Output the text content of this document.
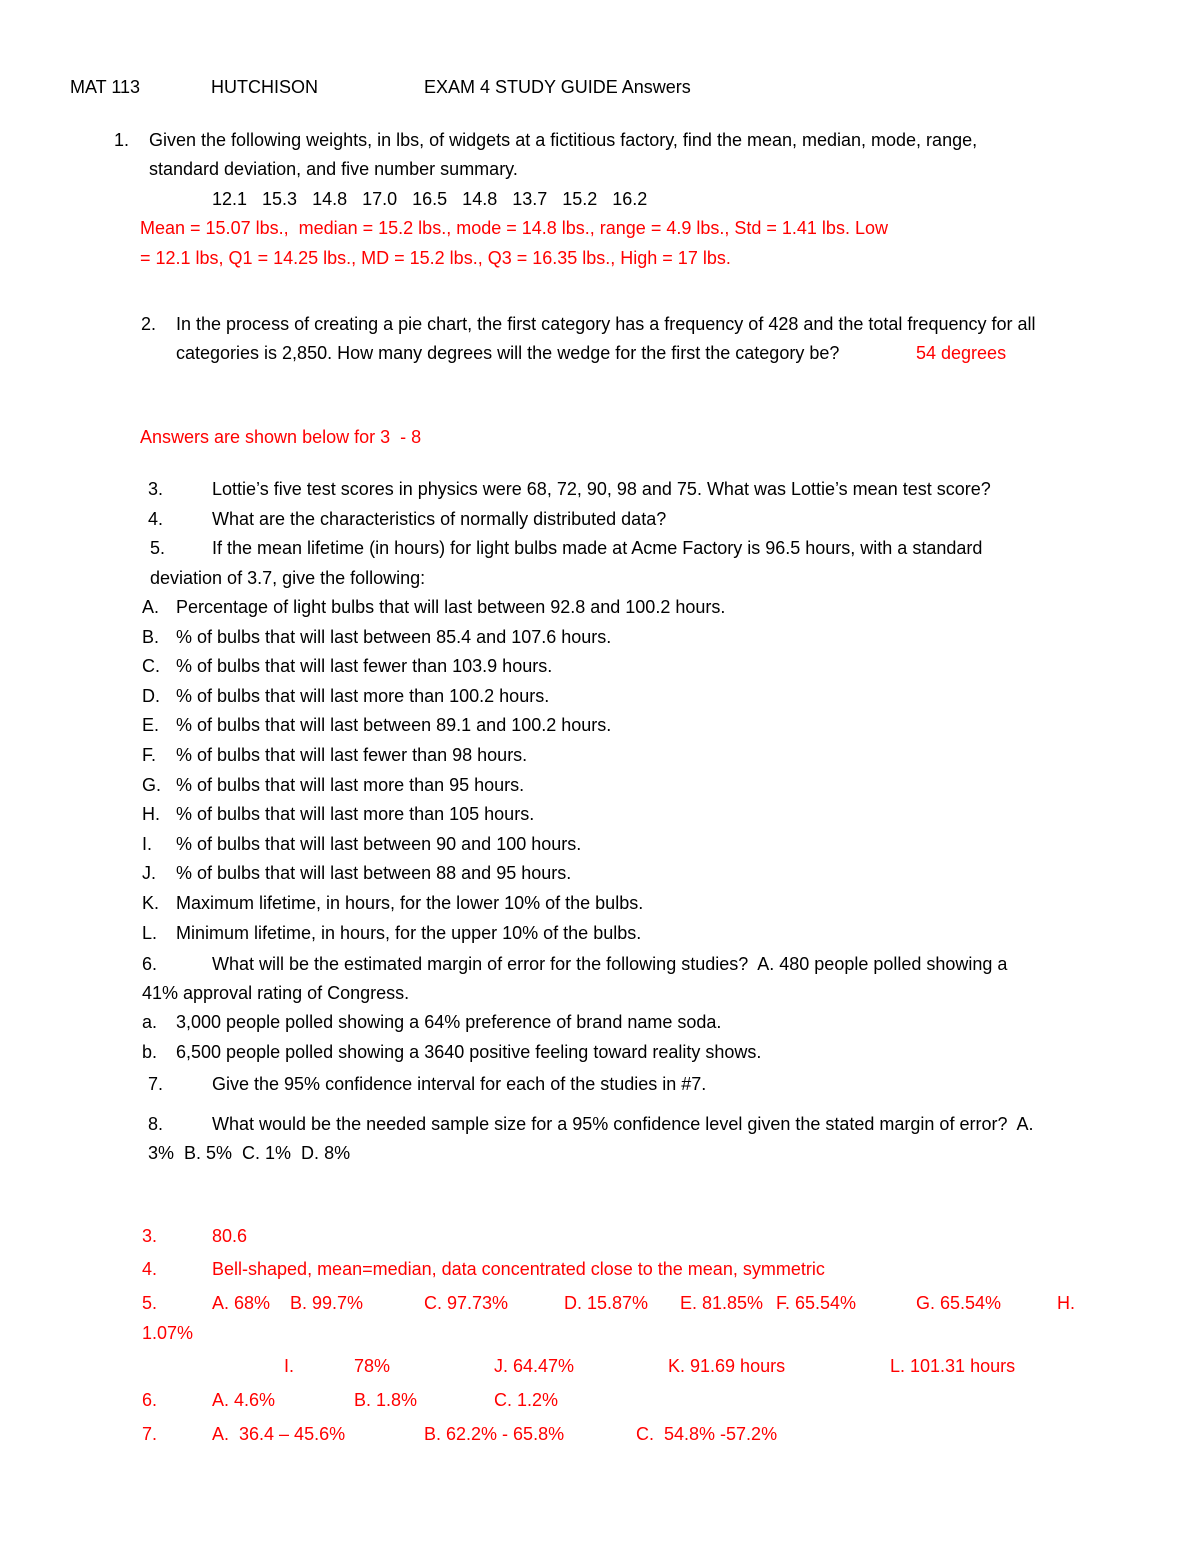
MAT 113	HUTCHISON	EXAM 4 STUDY GUIDE Answers
1. Given the following weights, in lbs, of widgets at a fictitious factory, find the mean, median, mode, range,
standard deviation, and five number summary.
12.1   15.3   14.8   17.0   16.5   14.8   13.7   15.2   16.2
Mean = 15.07 lbs.,  median = 15.2 lbs., mode = 14.8 lbs., range = 4.9 lbs., Std = 1.41 lbs. Low
= 12.1 lbs, Q1 = 14.25 lbs., MD = 15.2 lbs., Q3 = 16.35 lbs., High = 17 lbs.
2. In the process of creating a pie chart, the first category has a frequency of 428 and the total frequency for all
categories is 2,850. How many degrees will the wedge for the first the category be?	54 degrees
Answers are shown below for 3  - 8
3.	Lottie’s five test scores in physics were 68, 72, 90, 98 and 75. What was Lottie’s mean test score?
4.	What are the characteristics of normally distributed data?
5.	If the mean lifetime (in hours) for light bulbs made at Acme Factory is 96.5 hours, with a standard
deviation of 3.7, give the following:
A. Percentage of light bulbs that will last between 92.8 and 100.2 hours.
B. % of bulbs that will last between 85.4 and 107.6 hours.
C. % of bulbs that will last fewer than 103.9 hours.
D. % of bulbs that will last more than 100.2 hours.
E. % of bulbs that will last between 89.1 and 100.2 hours.
F. % of bulbs that will last fewer than 98 hours.
G. % of bulbs that will last more than 95 hours.
H. % of bulbs that will last more than 105 hours.
I. % of bulbs that will last between 90 and 100 hours.
J. % of bulbs that will last between 88 and 95 hours.
K. Maximum lifetime, in hours, for the lower 10% of the bulbs.
L. Minimum lifetime, in hours, for the upper 10% of the bulbs.
6.	What will be the estimated margin of error for the following studies?  A. 480 people polled showing a
41% approval rating of Congress.
a. 3,000 people polled showing a 64% preference of brand name soda.
b. 6,500 people polled showing a 3640 positive feeling toward reality shows.
7.	Give the 95% confidence interval for each of the studies in #7.
8.	What would be the needed sample size for a 95% confidence level given the stated margin of error?  A.
3%  B. 5%  C. 1%  D. 8%
3.	80.6
4.	Bell-shaped, mean=median, data concentrated close to the mean, symmetric
5.	A. 68% B. 99.7%	C. 97.73%	D. 15.87% E. 81.85% F. 65.54%	G. 65.54%	H.
1.07%
I.	78%	J. 64.47%	K. 91.69 hours	L. 101.31 hours
6.	A. 4.6%	B. 1.8%	C. 1.2%
7.	A.  36.4 – 45.6%	B. 62.2% - 65.8%	C.  54.8% -57.2%
